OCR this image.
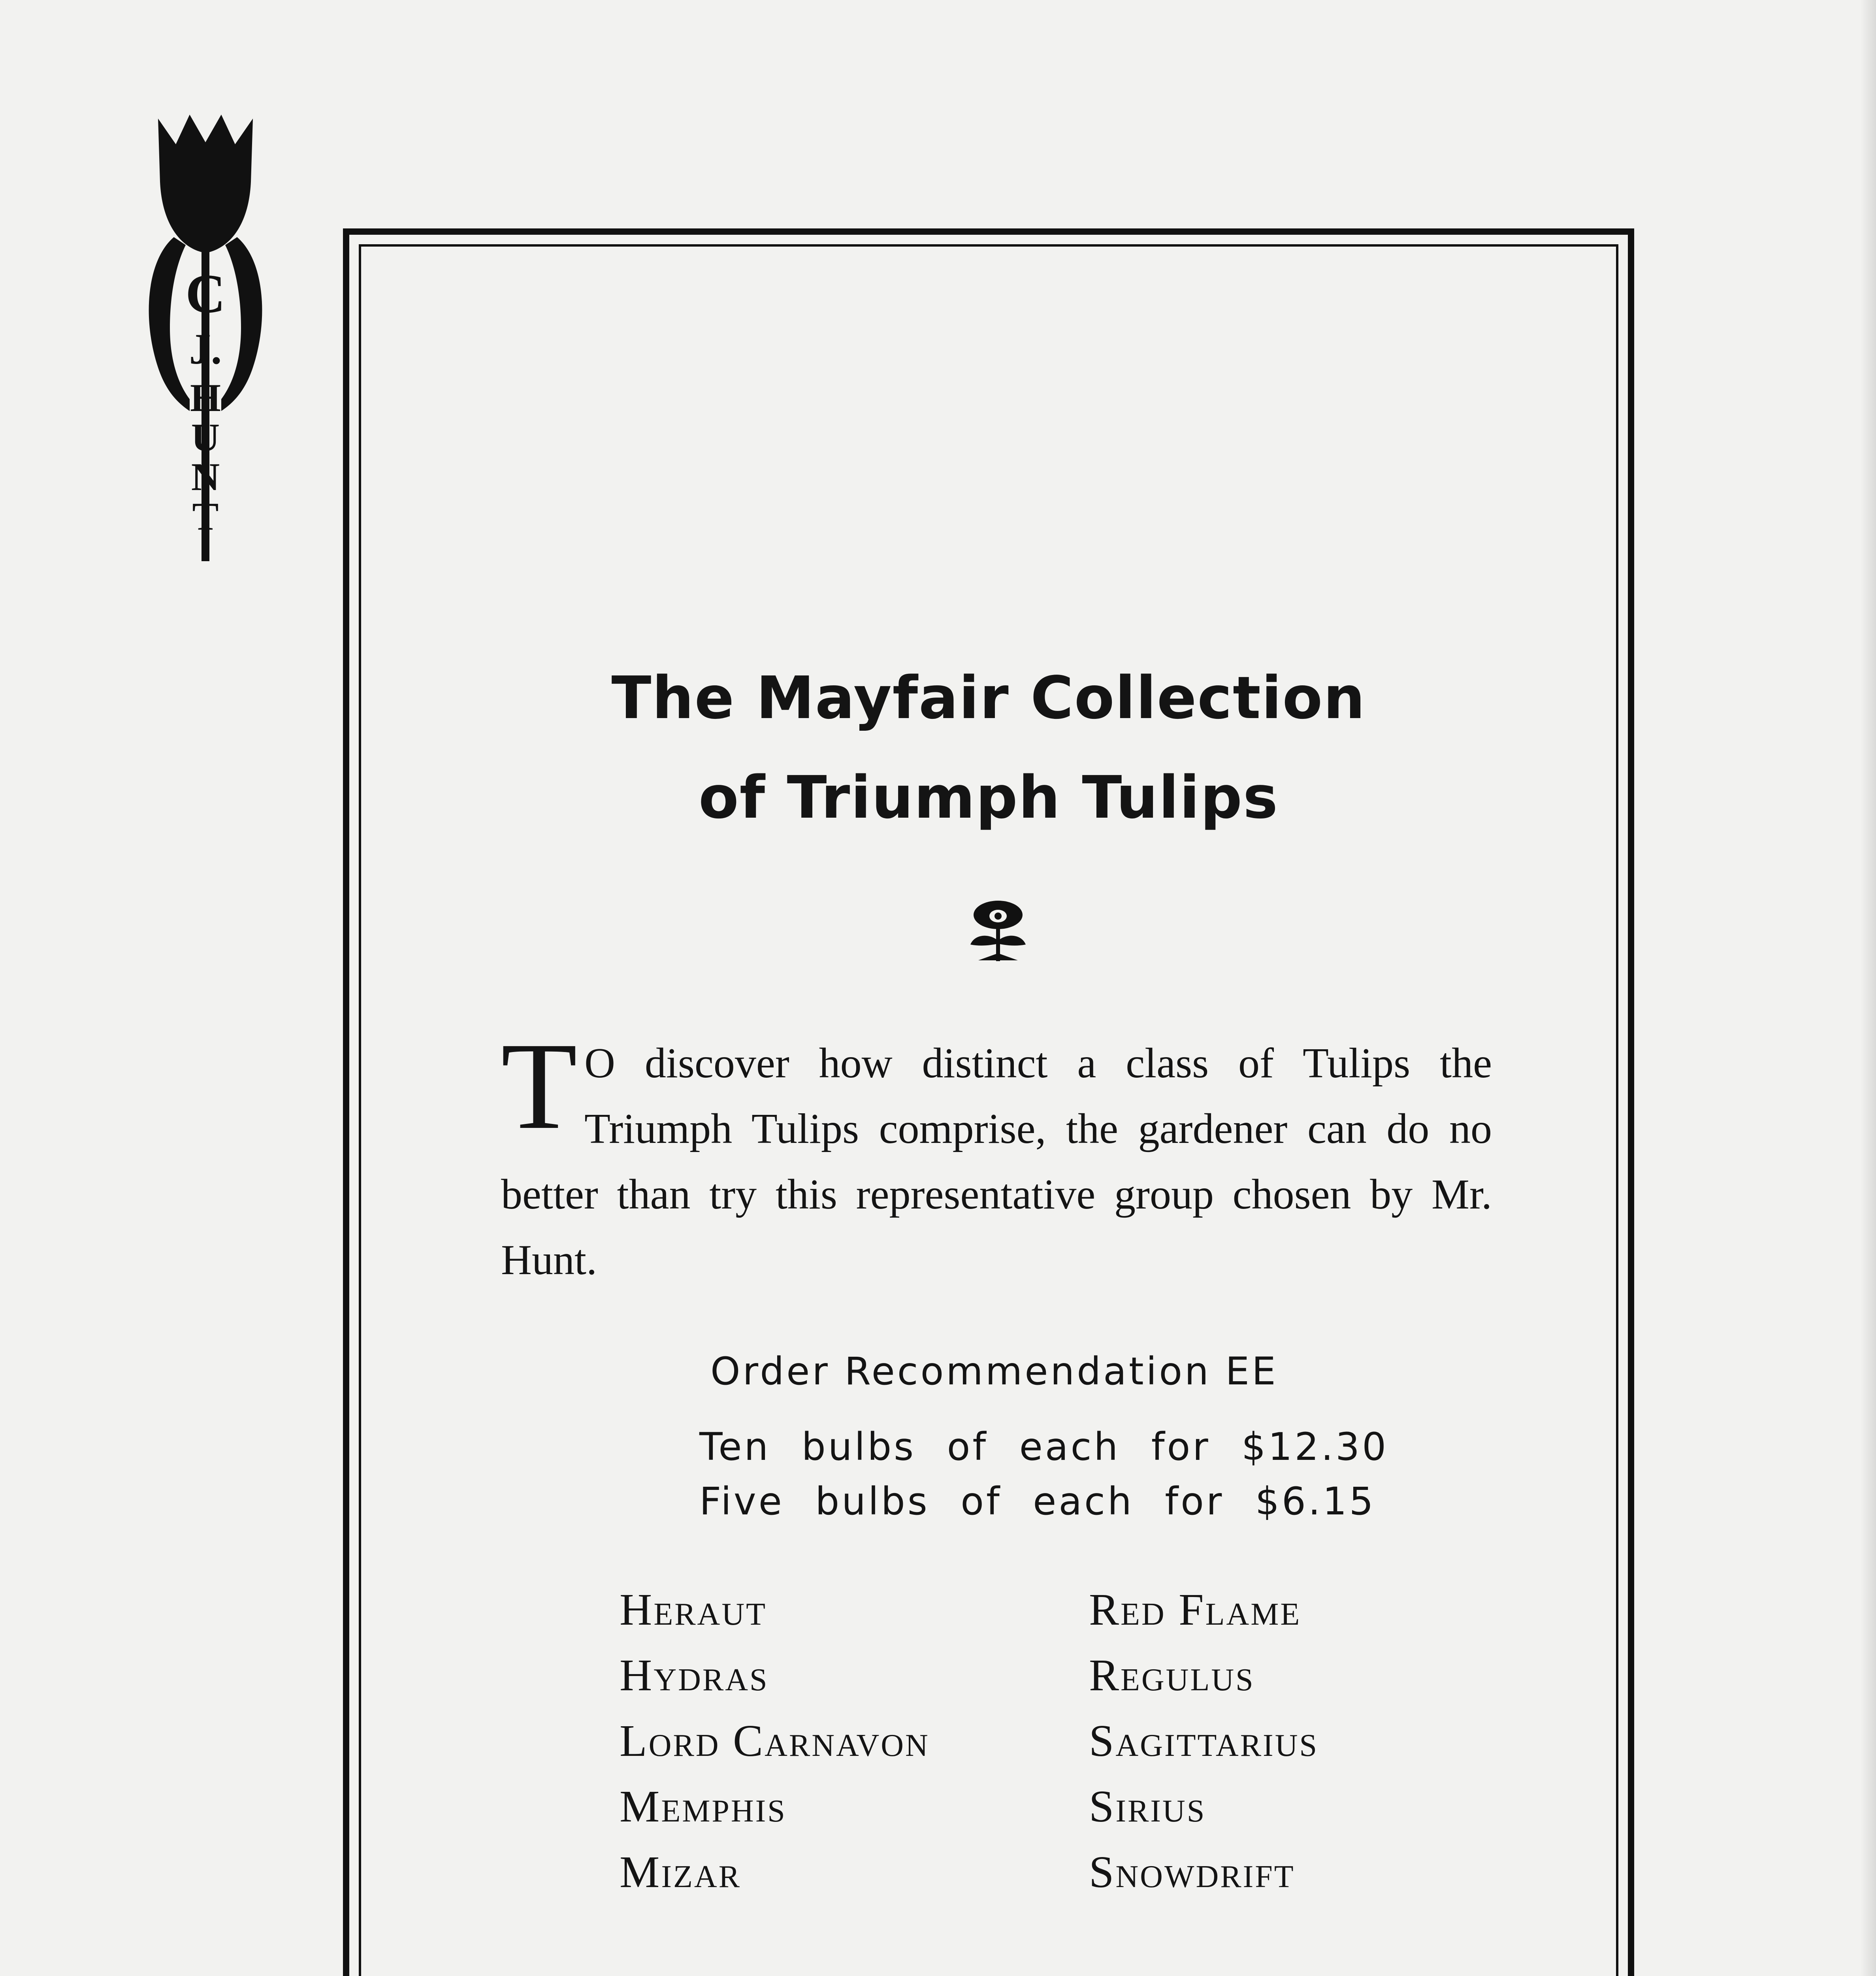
C
J.
H
U
N
T
The Mayfair Collection
of Triumph Tulips
T O discover how distinct a class of Tulips the Triumph Tulips comprise, the gardener can do no better than try this representative group chosen by Mr. Hunt.
Order Recommendation EE
Ten bulbs of each for $12.30
Five bulbs of each for $6.15
Heraut
Hydras
Lord Carnavon
Memphis
Mizar
Red Flame
Regulus
Sagittarius
Sirius
Snowdrift
